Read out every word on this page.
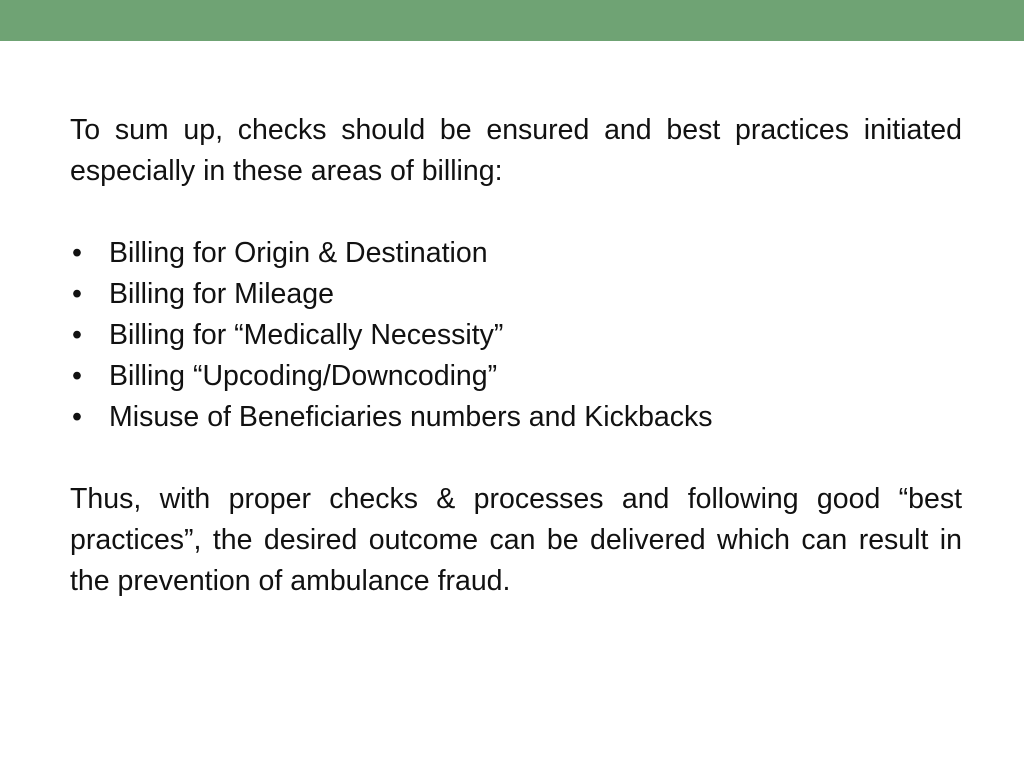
To sum up, checks should be ensured and best practices initiated especially in these areas of billing:

• Billing for Origin & Destination
• Billing for Mileage
• Billing for “Medically Necessity”
• Billing “Upcoding/Downcoding”
• Misuse of Beneficiaries numbers and Kickbacks

Thus, with proper checks & processes and following good “best practices”, the desired outcome can be delivered which can result in the prevention of ambulance fraud.
